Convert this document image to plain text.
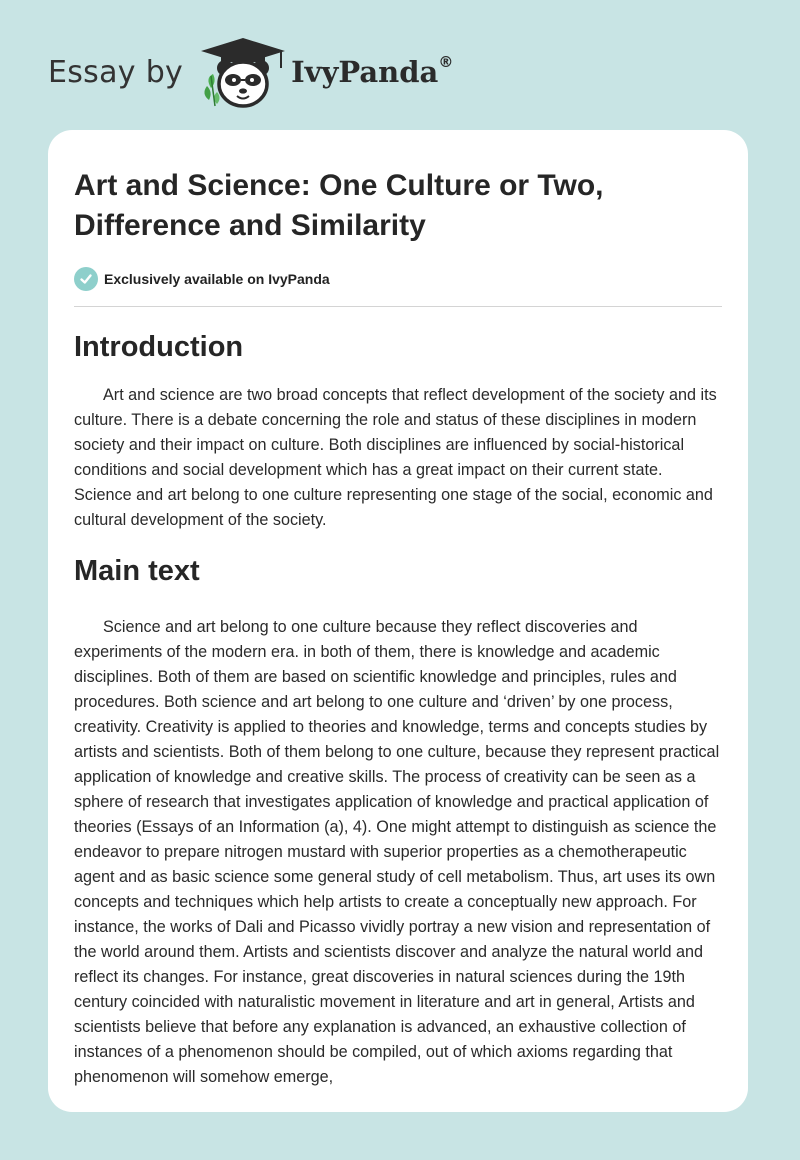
Essay by	IvyPanda®
Art and Science: One Culture or Two, Difference and Similarity
Exclusively available on IvyPanda
Introduction

Art and science are two broad concepts that reflect development of the society and its culture. There is a debate concerning the role and status of these disciplines in modern society and their impact on culture. Both disciplines are influenced by social-historical conditions and social development which has a great impact on their current state. Science and art belong to one culture representing one stage of the social, economic and cultural development of the society.

Main text

Science and art belong to one culture because they reflect discoveries and experiments of the modern era. in both of them, there is knowledge and academic disciplines. Both of them are based on scientific knowledge and principles, rules and procedures. Both science and art belong to one culture and ‘driven’ by one process, creativity. Creativity is applied to theories and knowledge, terms and concepts studies by artists and scientists. Both of them belong to one culture, because they represent practical application of knowledge and creative skills. The process of creativity can be seen as a sphere of research that investigates application of knowledge and practical application of theories (Essays of an Information (a), 4). One might attempt to distinguish as science the endeavor to prepare nitrogen mustard with superior properties as a chemotherapeutic agent and as basic science some general study of cell metabolism. Thus, art uses its own concepts and techniques which help artists to create a conceptually new approach. For instance, the works of Dali and Picasso vividly portray a new vision and representation of the world around them. Artists and scientists discover and analyze the natural world and reflect its changes. For instance, great discoveries in natural sciences during the 19th century coincided with naturalistic movement in literature and art in general, Artists and scientists believe that before any explanation is advanced, an exhaustive collection of instances of a phenomenon should be compiled, out of which axioms regarding that phenomenon will somehow emerge,
